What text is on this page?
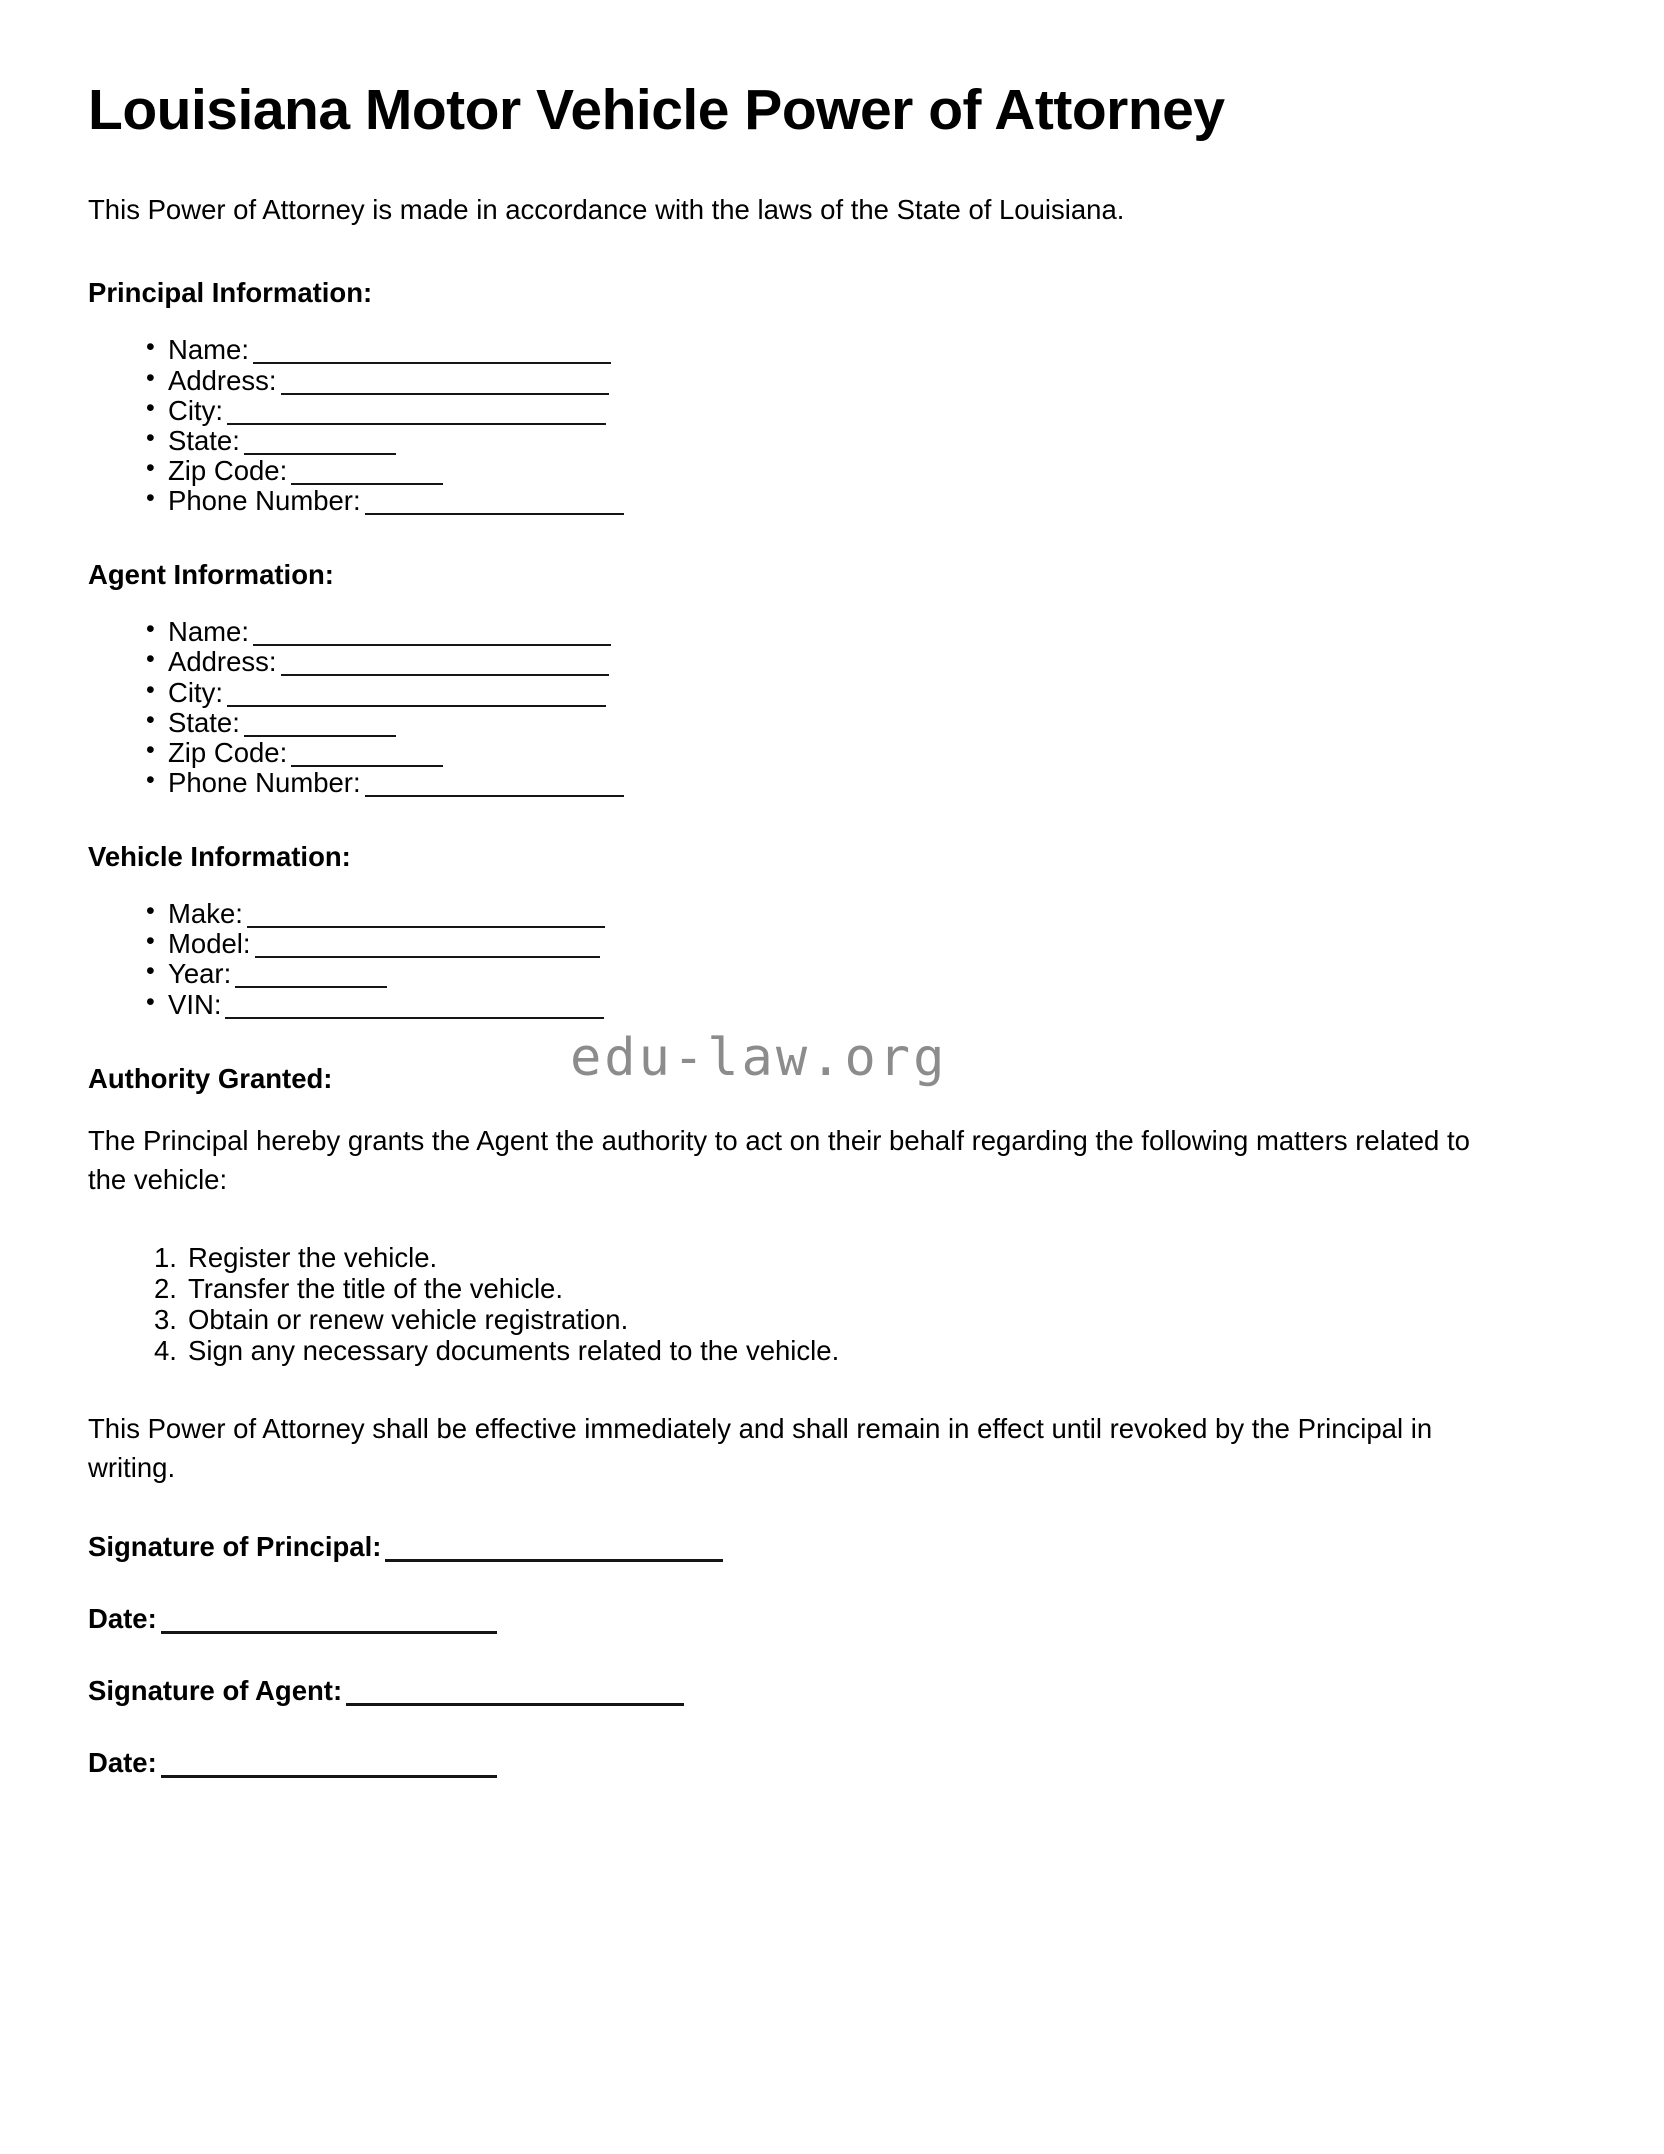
Louisiana Motor Vehicle Power of Attorney

This Power of Attorney is made in accordance with the laws of the State of Louisiana.

Principal Information:
• Name:
• Address:
• City:
• State:
• Zip Code:
• Phone Number:
Agent Information:
• Name:
• Address:
• City:
• State:
• Zip Code:
• Phone Number:
Vehicle Information:
• Make:
• Model:
• Year:
• VIN:
Authority Granted:

The Principal hereby grants the Agent the authority to act on their behalf regarding the following matters related to the vehicle:

Register the vehicle.
Transfer the title of the vehicle.
Obtain or renew vehicle registration.
Sign any necessary documents related to the vehicle.

This Power of Attorney shall be effective immediately and shall remain in effect until revoked by the Principal in writing.

Signature of Principal:

Date:

Signature of Agent:

Date:

edu-law.org
